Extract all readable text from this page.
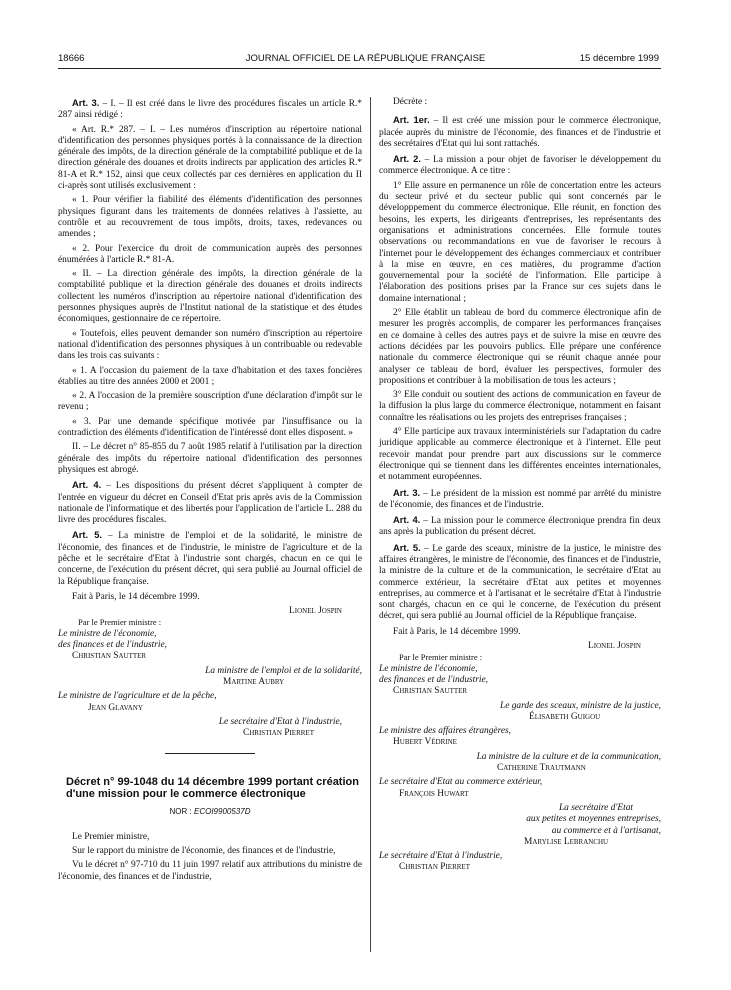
18666	JOURNAL OFFICIEL DE LA RÉPUBLIQUE FRANÇAISE	15 décembre 1999

Art. 3. – I. – Il est créé dans le livre des procédures fiscales un article R.* 287 ainsi rédigé :

« Art. R.* 287. – I. – Les numéros d'inscription au répertoire national d'identification des personnes physiques portés à la connaissance de la direction générale des impôts, de la direction générale de la comptabilité publique et de la direction générale des douanes et droits indirects par application des articles R.* 81-A et R.* 152, ainsi que ceux collectés par ces dernières en application du II ci-après sont utilisés exclusivement :

« 1. Pour vérifier la fiabilité des éléments d'identification des personnes physiques figurant dans les traitements de données relatives à l'assiette, au contrôle et au recouvrement de tous impôts, droits, taxes, redevances ou amendes ;

« 2. Pour l'exercice du droit de communication auprès des personnes énumérées à l'article R.* 81-A.

« II. – La direction générale des impôts, la direction générale de la comptabilité publique et la direction générale des douanes et droits indirects collectent les numéros d'inscription au répertoire national d'identification des personnes physiques auprès de l'Institut national de la statistique et des études économiques, gestionnaire de ce répertoire.

« Toutefois, elles peuvent demander son numéro d'inscription au répertoire national d'identification des personnes physiques à un contribuable ou redevable dans les trois cas suivants :

« 1. A l'occasion du paiement de la taxe d'habitation et des taxes foncières établies au titre des années 2000 et 2001 ;

« 2. A l'occasion de la première souscription d'une déclaration d'impôt sur le revenu ;

« 3. Par une demande spécifique motivée par l'insuffisance ou la contradiction des éléments d'identification de l'intéressé dont elles disposent. »

II. – Le décret n° 85-855 du 7 août 1985 relatif à l'utilisation par la direction générale des impôts du répertoire national d'identification des personnes physiques est abrogé.

Art. 4. – Les dispositions du présent décret s'appliquent à compter de l'entrée en vigueur du décret en Conseil d'Etat pris après avis de la Commission nationale de l'informatique et des libertés pour l'application de l'article L. 288 du livre des procédures fiscales.

Art. 5. – La ministre de l'emploi et de la solidarité, le ministre de l'économie, des finances et de l'industrie, le ministre de l'agriculture et de la pêche et le secrétaire d'Etat à l'industrie sont chargés, chacun en ce qui le concerne, de l'exécution du présent décret, qui sera publié au Journal officiel de la République française.

Fait à Paris, le 14 décembre 1999.

Lionel Jospin
Par le Premier ministre :
Le ministre de l'économie,
des finances et de l'industrie,
Christian Sautter
La ministre de l'emploi et de la solidarité,
Martine Aubry
Le ministre de l'agriculture et de la pêche,
Jean Glavany
Le secrétaire d'Etat à l'industrie,
Christian Pierret
Décret n° 99-1048 du 14 décembre 1999 portant création d'une mission pour le commerce électronique
NOR : ECOI9900537D

Le Premier ministre,

Sur le rapport du ministre de l'économie, des finances et de l'industrie,

Vu le décret n° 97-710 du 11 juin 1997 relatif aux attributions du ministre de l'économie, des finances et de l'industrie,

Décrète :

Art. 1er. – Il est créé une mission pour le commerce électronique, placée auprès du ministre de l'économie, des finances et de l'industrie et des secrétaires d'Etat qui lui sont rattachés.

Art. 2. – La mission a pour objet de favoriser le développement du commerce électronique. A ce titre :

1° Elle assure en permanence un rôle de concertation entre les acteurs du secteur privé et du secteur public qui sont concernés par le développpement du commerce électronique. Elle réunit, en fonction des besoins, les experts, les dirigeants d'entreprises, les représentants des organisations et administrations concernées. Elle formule toutes observations ou recommandations en vue de favoriser le recours à l'internet pour le développement des échanges commerciaux et contribuer à la mise en œuvre, en ces matières, du programme d'action gouvernemental pour la société de l'information. Elle participe à l'élaboration des positions prises par la France sur ces sujets dans le domaine international ;

2° Elle établit un tableau de bord du commerce électronique afin de mesurer les progrès accomplis, de comparer les performances françaises en ce domaine à celles des autres pays et de suivre la mise en œuvre des actions décidées par les pouvoirs publics. Elle prépare une conférence nationale du commerce électronique qui se réunit chaque année pour analyser ce tableau de bord, évaluer les perspectives, formuler des propositions et contribuer à la mobilisation de tous les acteurs ;

3° Elle conduit ou soutient des actions de communication en faveur de la diffusion la plus large du commerce électronique, notamment en faisant connaître les réalisations ou les projets des entreprises françaises ;

4° Elle participe aux travaux interministériels sur l'adaptation du cadre juridique applicable au commerce électronique et à l'internet. Elle peut recevoir mandat pour prendre part aux discussions sur le commerce électronique qui se tiennent dans les différentes enceintes internationales, et notamment européennes.

Art. 3. – Le président de la mission est nommé par arrêté du ministre de l'économie, des finances et de l'industrie.

Art. 4. – La mission pour le commerce électronique prendra fin deux ans après la publication du présent décret.

Art. 5. – Le garde des sceaux, ministre de la justice, le ministre des affaires étrangères, le ministre de l'économie, des finances et de l'industrie, la ministre de la culture et de la communication, le secrétaire d'Etat au commerce extérieur, la secrétaire d'Etat aux petites et moyennes entreprises, au commerce et à l'artisanat et le secrétaire d'Etat à l'industrie sont chargés, chacun en ce qui le concerne, de l'exécution du présent décret, qui sera publié au Journal officiel de la République française.

Fait à Paris, le 14 décembre 1999.

Lionel Jospin
Par le Premier ministre :
Le ministre de l'économie,
des finances et de l'industrie,
Christian Sautter
Le garde des sceaux, ministre de la justice,
Élisabeth Guigou
Le ministre des affaires étrangères,
Hubert Védrine
La ministre de la culture et de la communication,
Catherine Trautmann
Le secrétaire d'Etat au commerce extérieur,
François Huwart
La secrétaire d'Etat
aux petites et moyennes entreprises,
au commerce et à l'artisanat,
Marylise Lebranchu
Le secrétaire d'Etat à l'industrie,
Christian Pierret
